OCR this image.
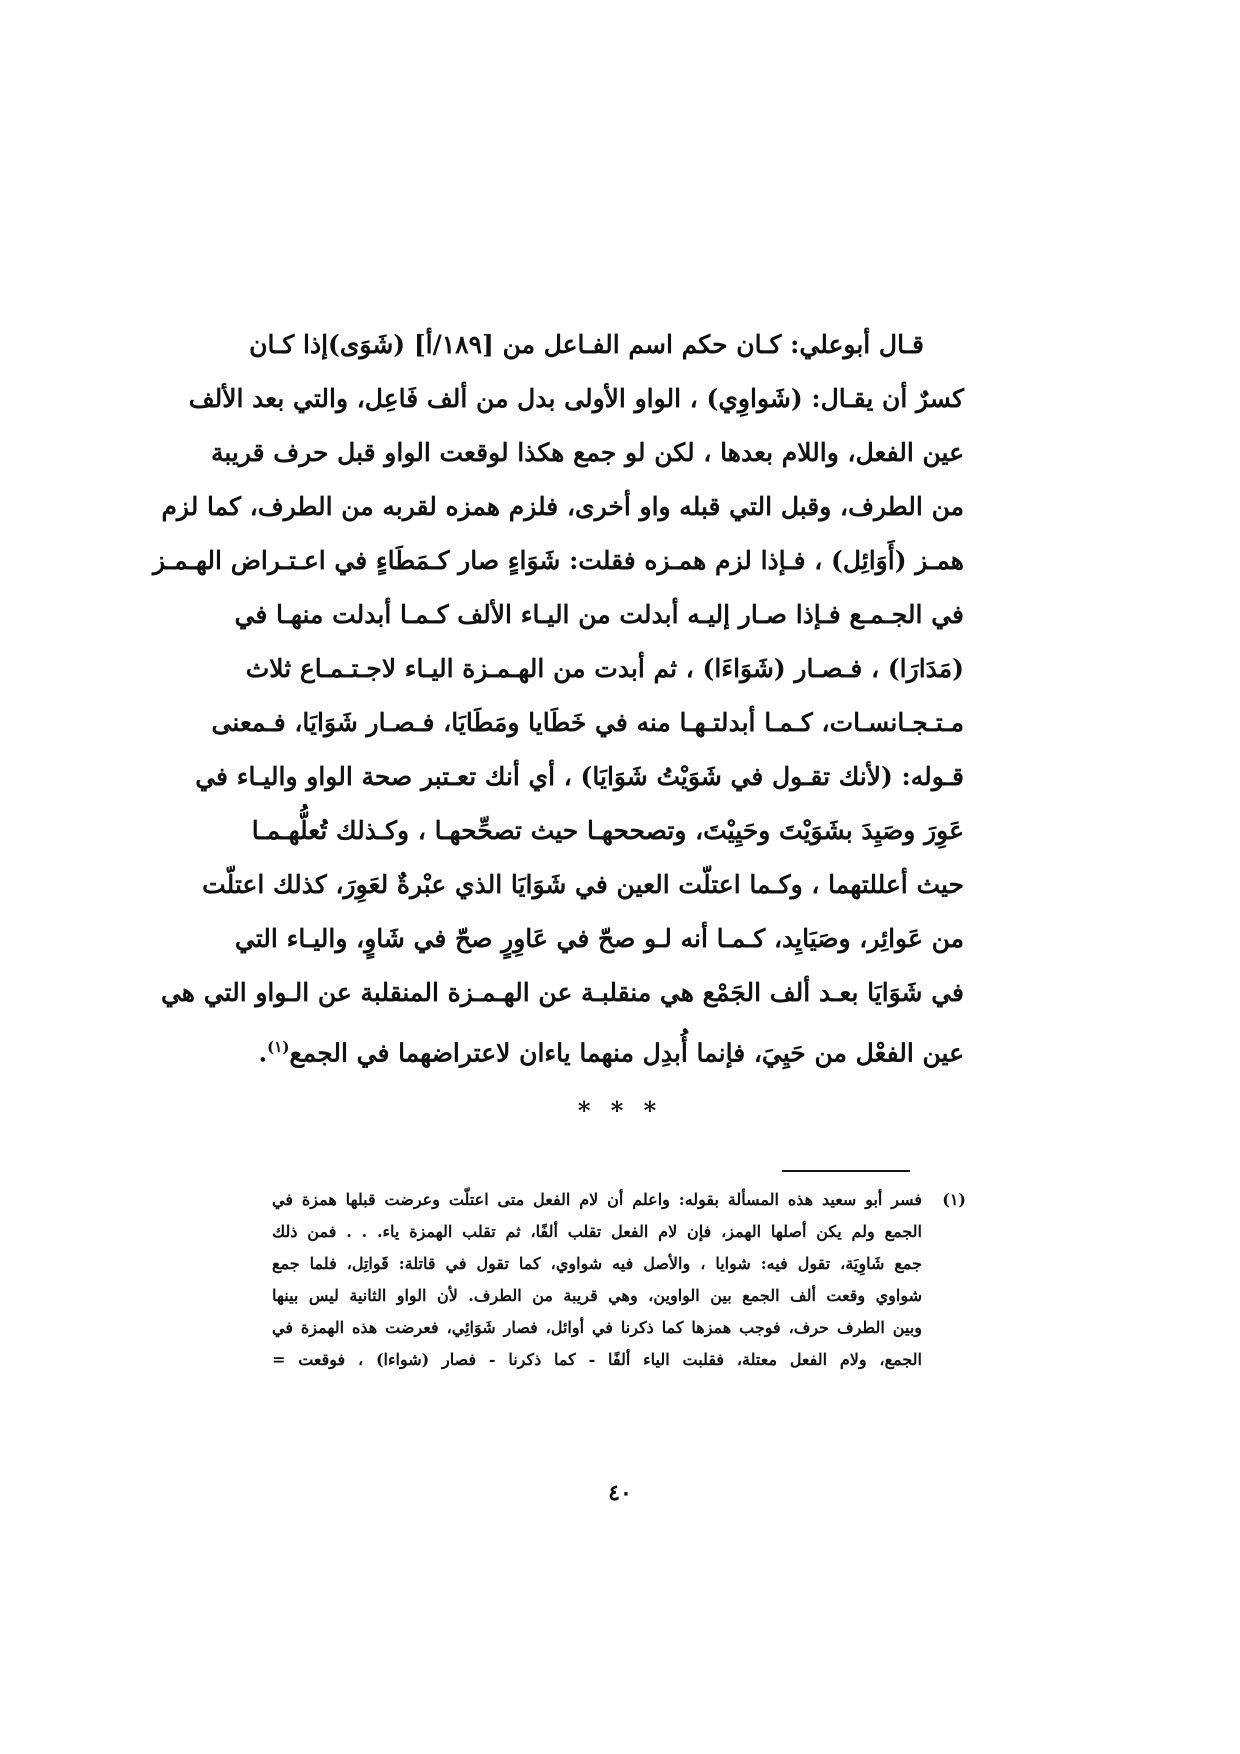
قـال أبوعلي: كـان حكم اسم الفـاعل من [١٨٩/أ] (شَوَى)إذا كـان
كسرٌ أن يقـال: (شَواوِي) ، الواو الأولى بدل من ألف فَاعِل، والتي بعد الألف
عين الفعل، واللام بعدها ، لكن لو جمع هكذا لوقعت الواو قبل حرف قريبة
من الطرف، وقبل التي قبله واو أخرى، فلزم همزه لقربه من الطرف، كما لزم
همـز (أَوَائِل) ، فـإذا لزم همـزه فقلت: شَوَاءٍ صار كـمَطَاءٍ في اعـتـراض الهـمـز
في الجـمـع فـإذا صـار إليـه أبدلت من اليـاء الألف كـمـا أبدلت منهـا في
(مَدَارَا) ، فـصـار (شَوَاءَا) ، ثم أبدت من الهـمـزة اليـاء لاجـتـمـاع ثلاث
مـتـجـانسـات، كـمـا أبدلتـهـا منه في خَطَايا ومَطَايَا، فـصـار شَوَايَا، فـمعنى
قـوله: (لأنك تقـول في شَوَيْتُ شَوَايَا) ، أي أنك تعـتبر صحة الواو واليـاء في
عَوِرَ وصَيِدَ بشَوَيْتَ وحَيِيْتَ، وتصححهـا حيث تصحِّحهـا ، وكـذلك تُعلُّهـمـا
حيث أعللتهما ، وكـما اعتلّت العين في شَوَايَا الذي عبْرةٌ لعَوِرَ، كذلك اعتلّت
من عَوائِر، وصَيَايِد، كـمـا أنه لـو صحّ في عَاوِرٍ صحّ في شَاوٍ، واليـاء التي
في شَوَايَا بعـد ألف الجَمْع هي منقلبـة عن الهـمـزة المنقلبة عن الـواو التي هي
عين الفعْل من حَيِيَ، فإنما أُبدِل منهما ياءان لاعتراضهما في الجمع$^{(١)}$.
* * *
(١)
فسر أبو سعيد هذه المسألة بقوله: واعلم أن لام الفعل متى اعتلّت وعرضت قبلها همزة في
الجمع ولم يكن أصلها الهمز، فإن لام الفعل تقلب ألفًا، ثم تقلب الهمزة ياء. . . فمن ذلك
جمع شَاوِيَة، تقول فيه: شوايا ، والأصل فيه شواوي، كما تقول في قاتلة: قَواتِل، فلما جمع
شواوي وقعت ألف الجمع بين الواوين، وهي قريبة من الطرف. لأن الواو الثانية ليس بينها
وبين الطرف حرف، فوجب همزها كما ذكرنا في أوائل، فصار شَوَائِي، فعرضت هذه الهمزة في
الجمع، ولام الفعل معتلة، فقلبت الياء ألفًا - كما ذكرنا - فصار (شواءا) ، فوقعت =
٤٠
